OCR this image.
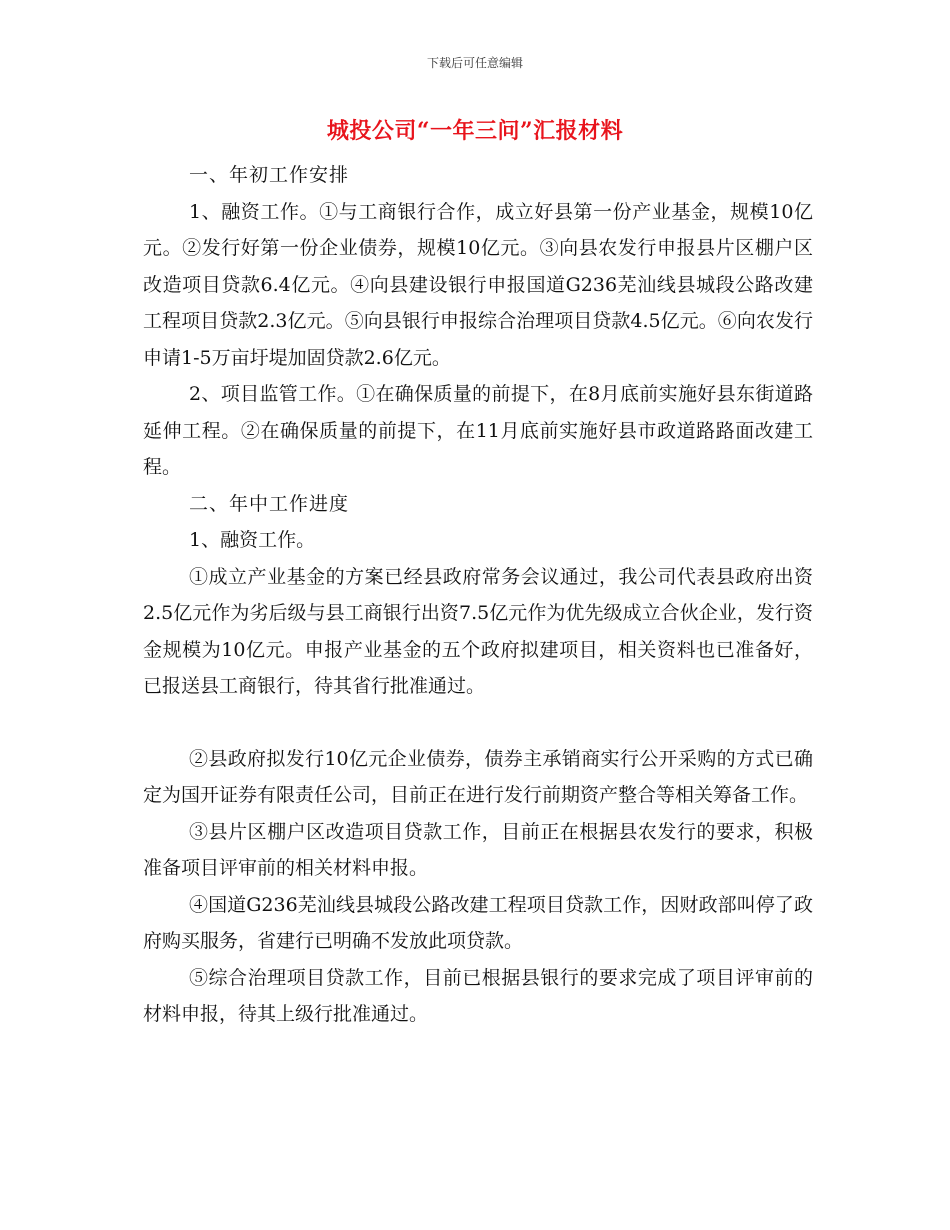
下载后可任意编辑
城投公司“一年三问”汇报材料

一、年初工作安排

1、融资工作。①与工商银行合作，成立好县第一份产业基金，规模10亿元。②发行好第一份企业债券，规模10亿元。③向县农发行申报县片区棚户区改造项目贷款6.4亿元。④向县建设银行申报国道G236芜汕线县城段公路改建工程项目贷款2.3亿元。⑤向县银行申报综合治理项目贷款4.5亿元。⑥向农发行申请1-5万亩圩堤加固贷款2.6亿元。

2、项目监管工作。①在确保质量的前提下，在8月底前实施好县东街道路延伸工程。②在确保质量的前提下，在11月底前实施好县市政道路路面改建工程。

二、年中工作进度

1、融资工作。

①成立产业基金的方案已经县政府常务会议通过，我公司代表县政府出资2.5亿元作为劣后级与县工商银行出资7.5亿元作为优先级成立合伙企业，发行资金规模为10亿元。申报产业基金的五个政府拟建项目，相关资料也已准备好，已报送县工商银行，待其省行批准通过。

②县政府拟发行10亿元企业债券，债券主承销商实行公开采购的方式已确定为国开证券有限责任公司，目前正在进行发行前期资产整合等相关筹备工作。

③县片区棚户区改造项目贷款工作，目前正在根据县农发行的要求，积极准备项目评审前的相关材料申报。

④国道G236芜汕线县城段公路改建工程项目贷款工作，因财政部叫停了政府购买服务，省建行已明确不发放此项贷款。

⑤综合治理项目贷款工作，目前已根据县银行的要求完成了项目评审前的材料申报，待其上级行批准通过。
